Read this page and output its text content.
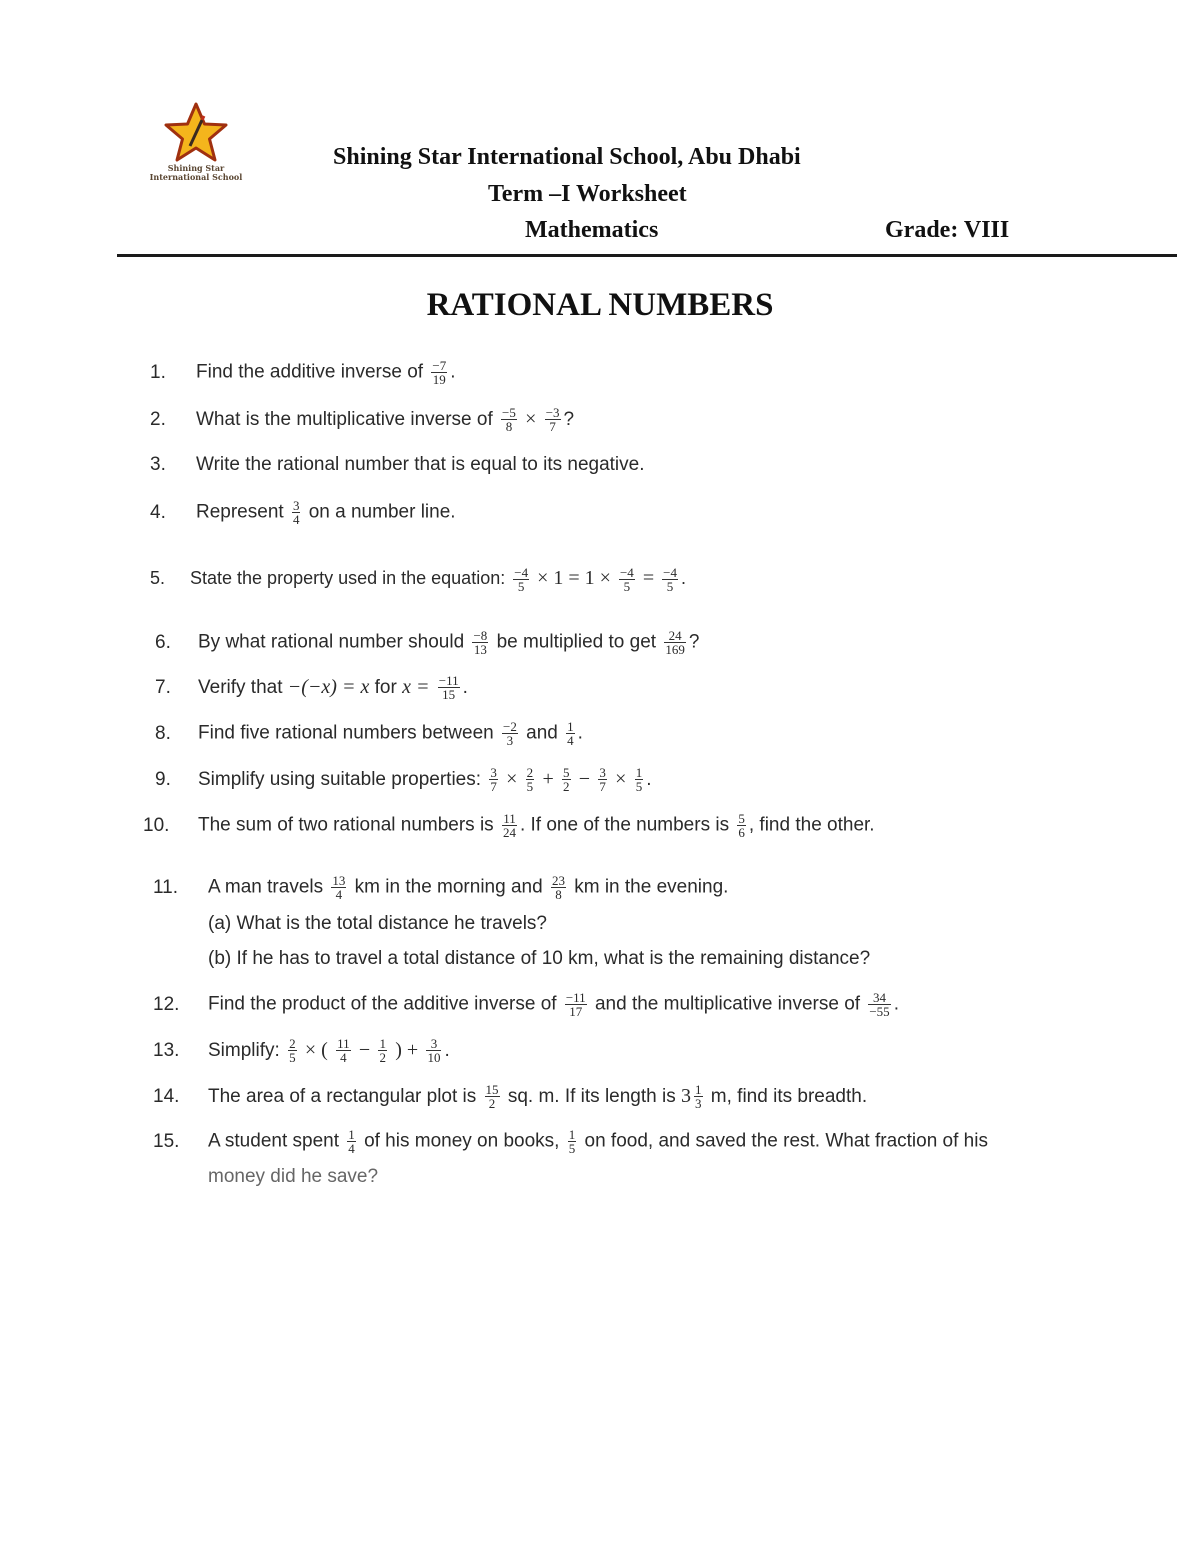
Shining Star
International School
Shining Star International School, Abu Dhabi
Term –I Worksheet
Mathematics	Grade: VIII
RATIONAL NUMBERS
1. Find the additive inverse of $\frac{-7}{19}$ .
2. What is the multiplicative inverse of $\frac{-5}{8} \times \frac{-3}{7}$ ?
3. Write the rational number that is equal to its negative.
4. Represent $\frac{3}{4}$ on a number line.
5. State the property used in the equation: $\frac{-4}{5} \times 1 = 1 \times \frac{-4}{5} = \frac{-4}{5}$ .
6. By what rational number should $\frac{-8}{13}$ be multiplied to get $\frac{24}{169}$ ?
7. Verify that −(−x) = x for $x = \frac{-11}{15}$ .
8. Find five rational numbers between $\frac{-2}{3}$ and $\frac{1}{4}$ .
9. Simplify using suitable properties: $\frac{3}{7} \times \frac{2}{5} + \frac{5}{2} - \frac{3}{7} \times \frac{1}{5}$ .
10. The sum of two rational numbers is $\frac{11}{24}$ . If one of the numbers is $\frac{5}{6}$ , find the other.
11. A man travels $\frac{13}{4}$ km in the morning and $\frac{23}{8}$ km in the evening.
(a) What is the total distance he travels?
(b) If he has to travel a total distance of 10 km, what is the remaining distance?
12. Find the product of the additive inverse of $\frac{-11}{17}$ and the multiplicative inverse of $\frac{34}{-55}$ .
13. Simplify: $\frac{2}{5}$ × ( $\frac{11}{4} - \frac{1}{2}$ ) + $\frac{3}{10}$ .
14. The area of a rectangular plot is $\frac{15}{2}$ sq. m. If its length is $3 \frac{1}{3} m$, find its breadth.
15. A student spent $\frac{1}{4}$ of his money on books, $\frac{1}{5}$ on food, and saved the rest. What fraction of his
money did he save?
